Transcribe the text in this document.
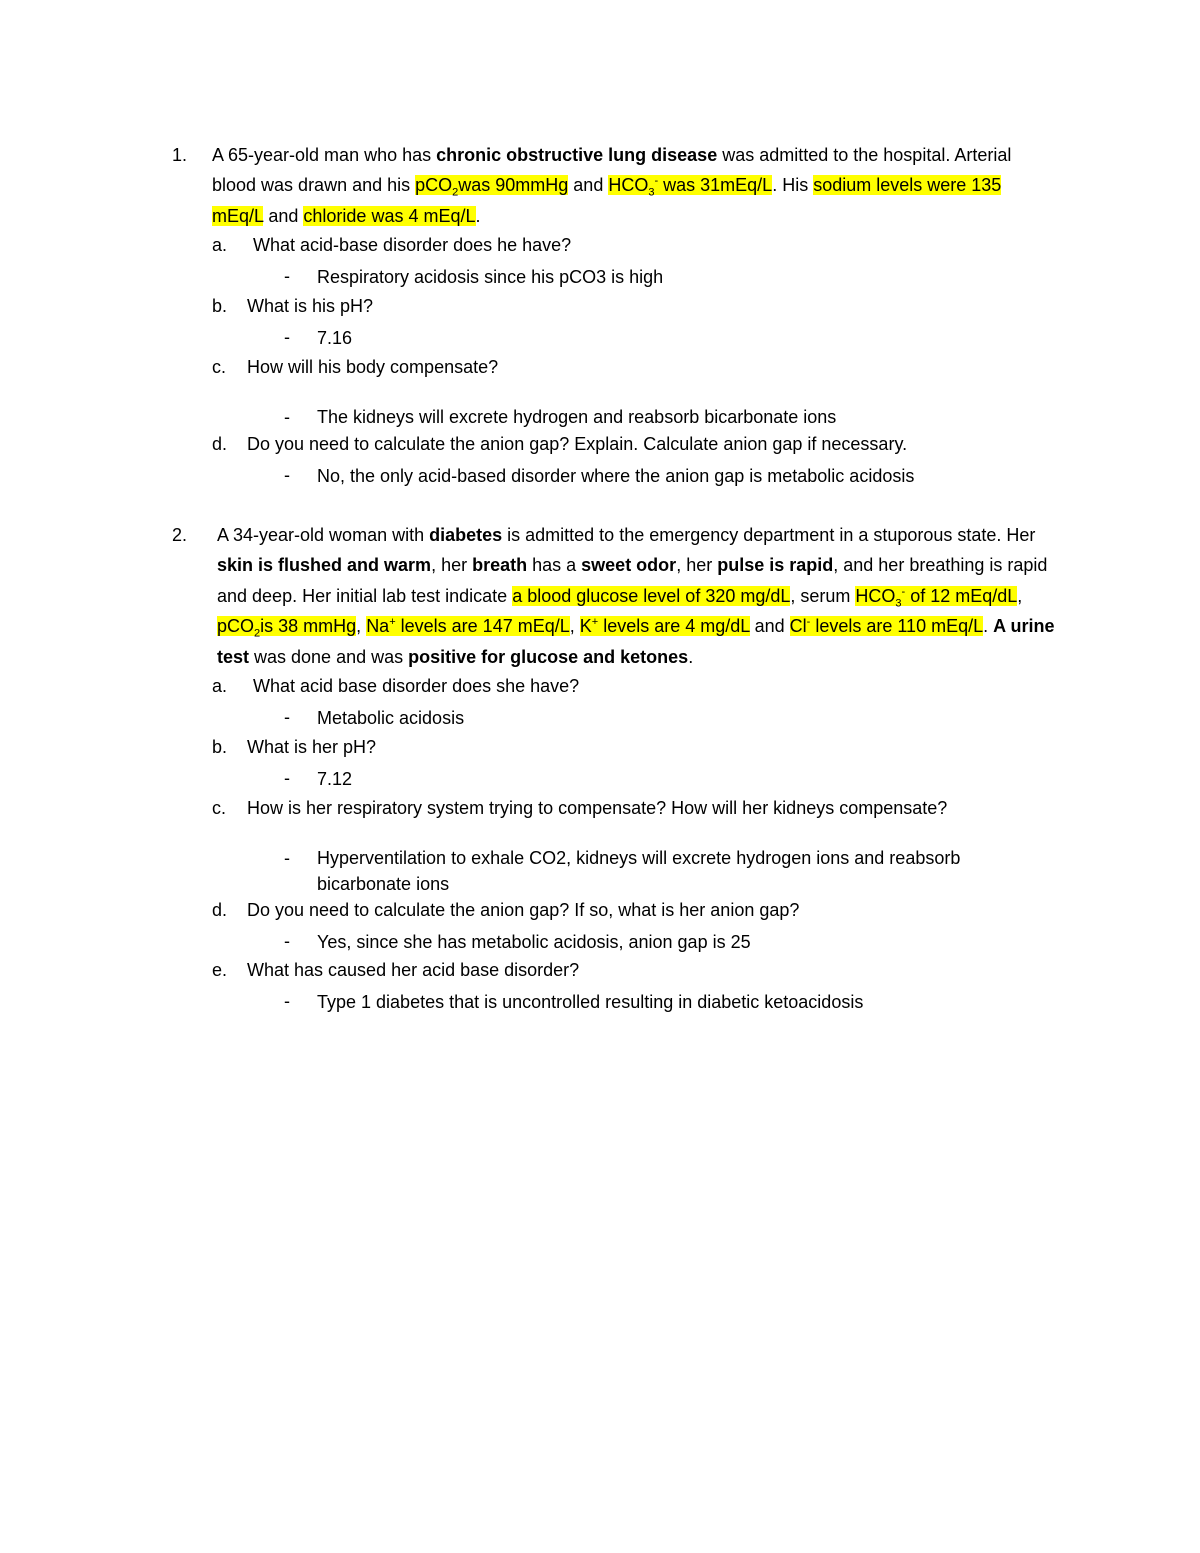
1. A 65-year-old man who has chronic obstructive lung disease was admitted to the hospital. Arterial blood was drawn and his pCO$_2$was 90mmHg and $HCO_3^-$ was 31mEq/L. His sodium levels were 135 mEq/L and chloride was 4 mEq/L.
a. What acid-base disorder does he have?
- Respiratory acidosis since his pCO3 is high
b. What is his pH?
- 7.16
c. How will his body compensate?
- The kidneys will excrete hydrogen and reabsorb bicarbonate ions
d. Do you need to calculate the anion gap? Explain. Calculate anion gap if necessary.
- No, the only acid-based disorder where the anion gap is metabolic acidosis
2. A 34-year-old woman with diabetes is admitted to the emergency department in a stuporous state. Her skin is flushed and warm, her breath has a sweet odor, her pulse is rapid, and her breathing is rapid and deep. Her initial lab test indicate a blood glucose level of 320 mg/dL, serum $HCO_3^-$ of 12 mEq/dL, pCO$_2$is 38 mmHg, Na+ levels are 147 mEq/L, K+ levels are 4 mg/dL and Cl- levels are 110 mEq/L. A urine test was done and was positive for glucose and ketones.
a. What acid base disorder does she have?
- Metabolic acidosis
b. What is her pH?
- 7.12
c. How is her respiratory system trying to compensate? How will her kidneys compensate?
- Hyperventilation to exhale CO2, kidneys will excrete hydrogen ions and reabsorb bicarbonate ions
d. Do you need to calculate the anion gap? If so, what is her anion gap?
- Yes, since she has metabolic acidosis, anion gap is 25
e. What has caused her acid base disorder?
- Type 1 diabetes that is uncontrolled resulting in diabetic ketoacidosis
